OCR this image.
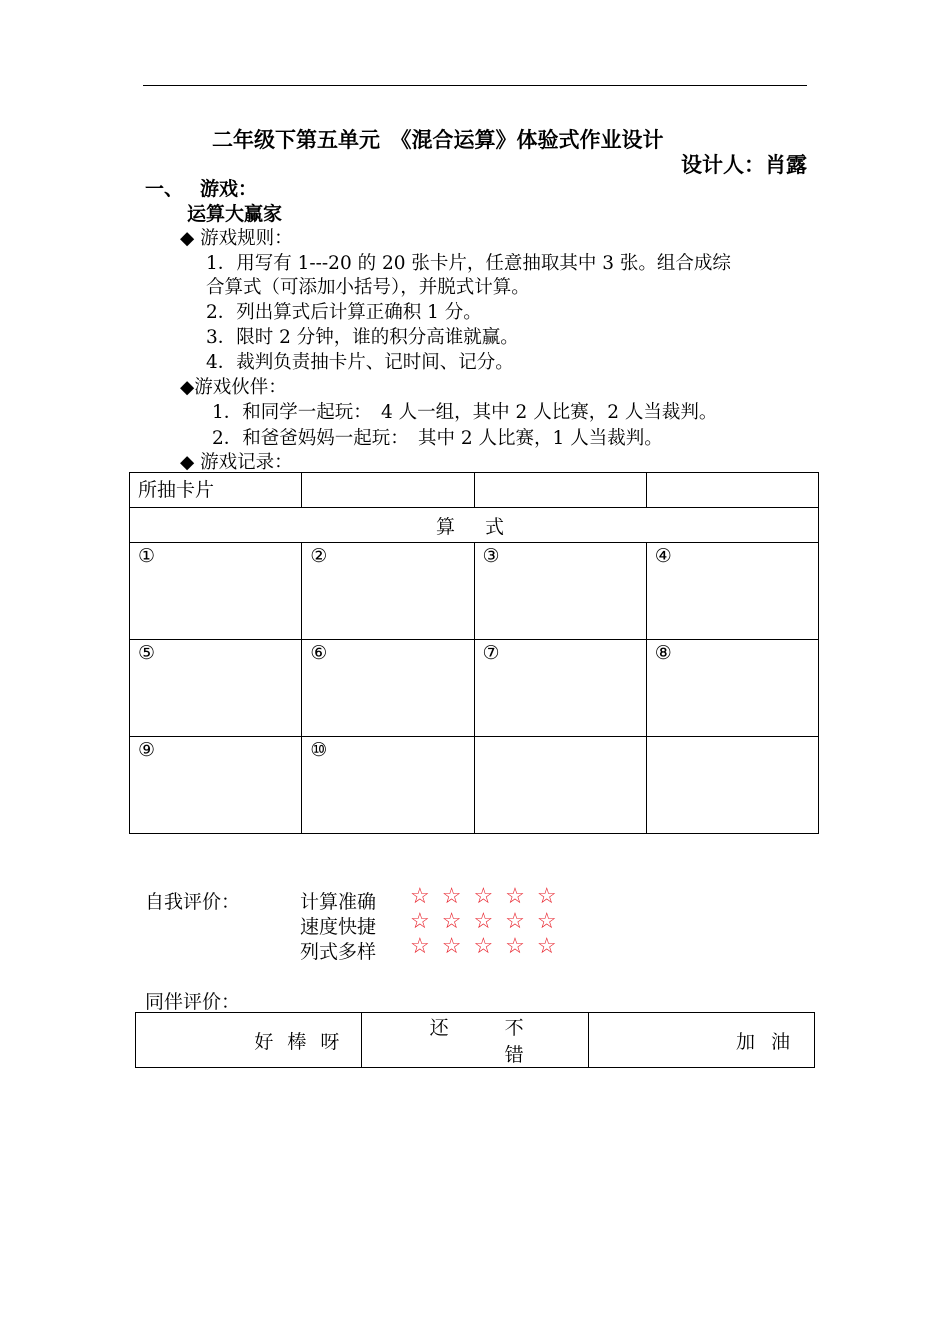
二年级下第五单元　《混合运算》体验式作业设计
设计人：肖露
一、 游戏：
运算大赢家
◆ 游戏规则：
1．用写有 1---20 的 20 张卡片，任意抽取其中 3 张。组合成综
合算式（可添加小括号），并脱式计算。
2．列出算式后计算正确积 1 分。
3．限时 2 分钟，谁的积分高谁就赢。
4．裁判负责抽卡片、记时间、记分。
◆游戏伙伴：
1．和同学一起玩：　4 人一组，其中 2 人比赛，2 人当裁判。
2．和爸爸妈妈一起玩：　其中 2 人比赛，1 人当裁判。
◆ 游戏记录：
所抽卡片			
算式			
①	②	③	④
⑤	⑥	⑦	⑧
⑨	⑩		
自我评价：	计算准确 ☆☆☆☆☆
速度快捷 ☆☆☆☆☆
列式多样 ☆☆☆☆☆
同伴评价：
好棒呀	还不错	加油
